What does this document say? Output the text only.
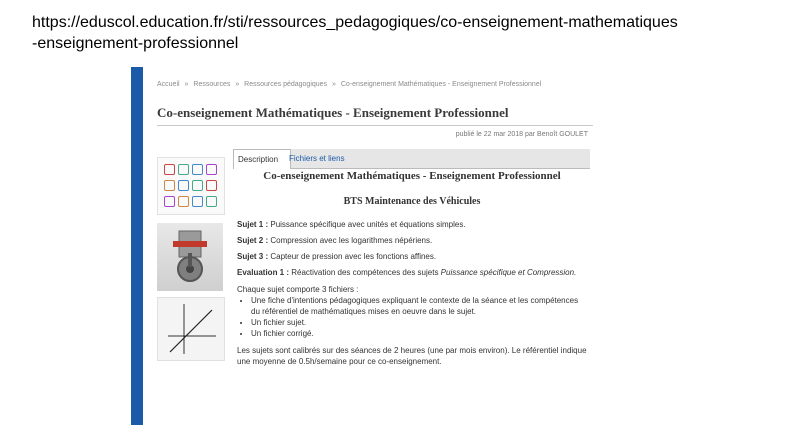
https://eduscol.education.fr/sti/ressources_pedagogiques/co-enseignement-mathematiques
-enseignement-professionnel
Accueil » Ressources » Ressources pédagogiques » Co-enseignement Mathématiques - Enseignement Professionnel
Co-enseignement Mathématiques - Enseignement Professionnel
publié le 22 mar 2018 par Benoît GOULET
Description	Fichiers et liens
Co-enseignement Mathématiques - Enseignement Professionnel
BTS Maintenance des Véhicules
Sujet 1 : Puissance spécifique avec unités et équations simples.
Sujet 2 : Compression avec les logarithmes népériens.
Sujet 3 : Capteur de pression avec les fonctions affines.
Evaluation 1 : Réactivation des compétences des sujets Puissance spécifique et Compression.
Chaque sujet comporte 3 fichiers :
• Une fiche d'intentions pédagogiques expliquant le contexte de la séance et les compétences du référentiel de mathématiques mises en oeuvre dans le sujet.
• Un fichier sujet.
• Un fichier corrigé.
Les sujets sont calibrés sur des séances de 2 heures (une par mois environ). Le référentiel indique une moyenne de 0.5h/semaine pour ce co-enseignement.
